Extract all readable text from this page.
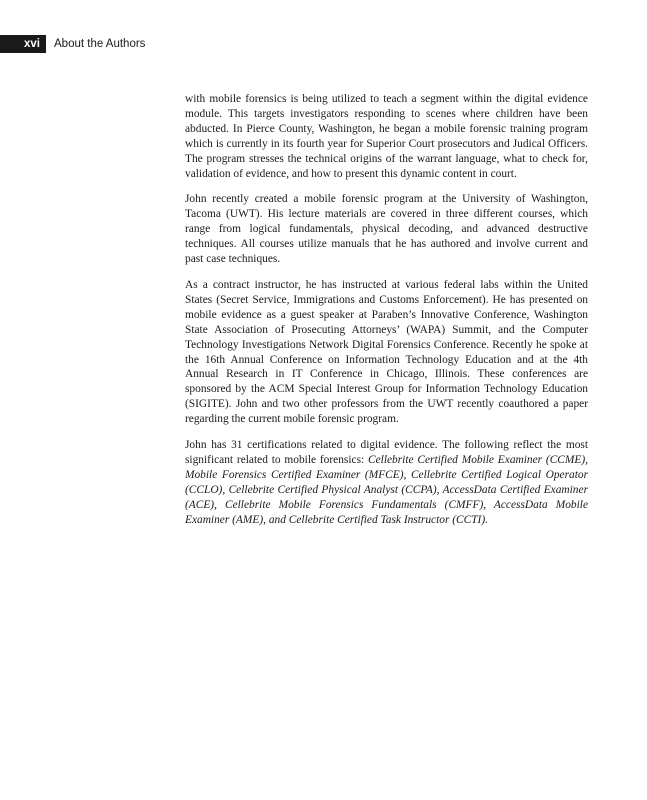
xvi	About the Authors

with mobile forensics is being utilized to teach a segment within the digital evidence module. This targets investigators responding to scenes where children have been abducted. In Pierce County, Washington, he began a mobile forensic training program which is currently in its fourth year for Superior Court prosecutors and Judical Officers. The program stresses the technical origins of the warrant language, what to check for, validation of evidence, and how to present this dynamic content in court.

John recently created a mobile forensic program at the University of Washington, Tacoma (UWT). His lecture materials are covered in three different courses, which range from logical fundamentals, physical decoding, and advanced destructive techniques. All courses utilize manuals that he has authored and involve current and past case techniques.

As a contract instructor, he has instructed at various federal labs within the United States (Secret Service, Immigrations and Customs Enforcement). He has presented on mobile evidence as a guest speaker at Paraben’s Innovative Conference, Washington State Association of Prosecuting Attorneys’ (WAPA) Summit, and the Computer Technology Investigations Network Digital Forensics Conference. Recently he spoke at the 16th Annual Conference on Information Technology Education and at the 4th Annual Research in IT Conference in Chicago, Illinois. These conferences are sponsored by the ACM Special Interest Group for Information Technology Education (SIGITE). John and two other professors from the UWT recently coauthored a paper regarding the current mobile forensic program.

John has 31 certifications related to digital evidence. The following reflect the most significant related to mobile forensics: Cellebrite Certified Mobile Examiner (CCME), Mobile Forensics Certified Examiner (MFCE), Cellebrite Certified Logical Operator (CCLO), Cellebrite Certified Physical Analyst (CCPA), AccessData Certified Examiner (ACE), Cellebrite Mobile Forensics Fundamentals (CMFF), AccessData Mobile Examiner (AME), and Cellebrite Certified Task Instructor (CCTI).
